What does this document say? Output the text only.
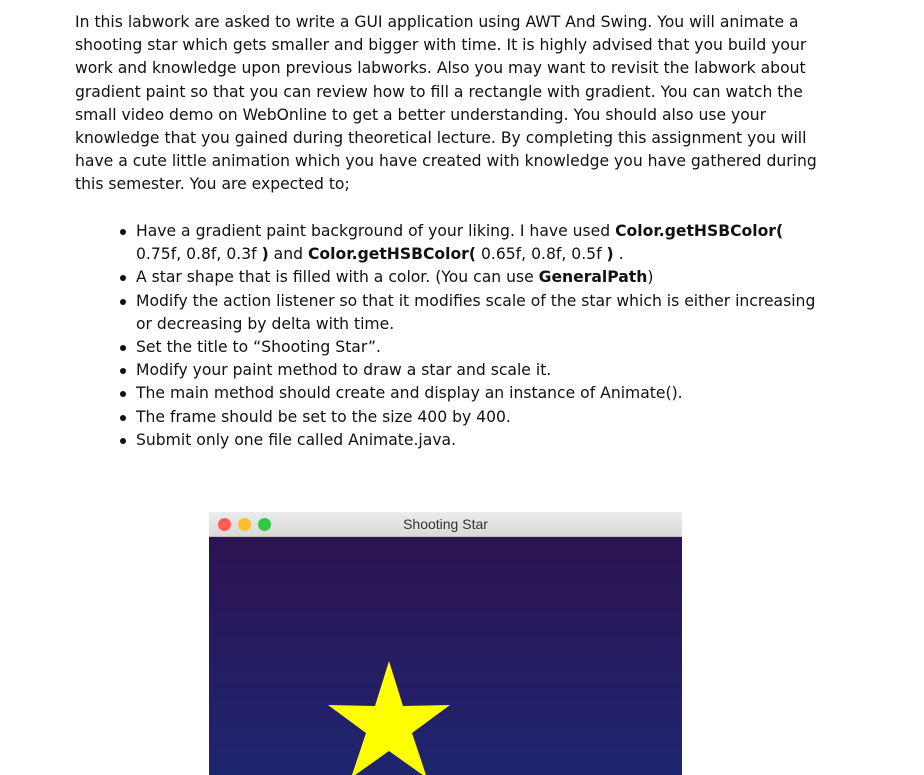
In this labwork are asked to write a GUI application using AWT And Swing. You will animate a shooting star which gets smaller and bigger with time. It is highly advised that you build your work and knowledge upon previous labworks. Also you may want to revisit the labwork about gradient paint so that you can review how to fill a rectangle with gradient. You can watch the small video demo on WebOnline to get a better understanding. You should also use your knowledge that you gained during theoretical lecture. By completing this assignment you will have a cute little animation which you have created with knowledge you have gathered during this semester. You are expected to;

Have a gradient paint background of your liking. I have used Color.getHSBColor( 0.75f, 0.8f, 0.3f ) and Color.getHSBColor( 0.65f, 0.8f, 0.5f ) .
A star shape that is filled with a color. (You can use GeneralPath)
Modify the action listener so that it modifies scale of the star which is either increasing or decreasing by delta with time.
Set the title to “Shooting Star”.
Modify your paint method to draw a star and scale it.
The main method should create and display an instance of Animate().
The frame should be set to the size 400 by 400.
Submit only one file called Animate.java.
Shooting Star
